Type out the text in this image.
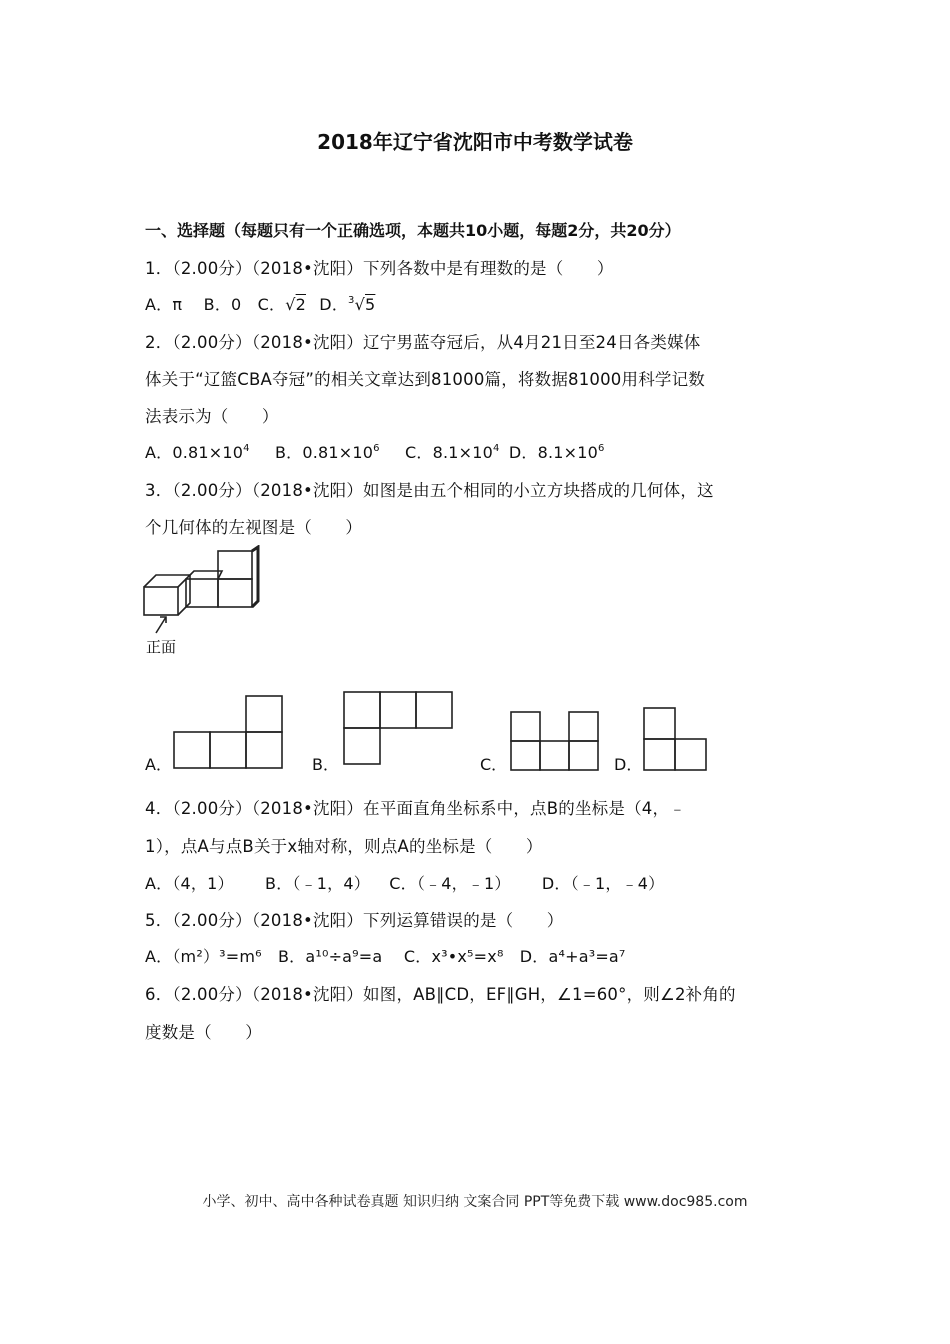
2018年辽宁省沈阳市中考数学试卷
一、选择题（每题只有一个正确选项，本题共10小题，每题2分，共20分）
1．（2.00分）（2018•沈阳）下列各数中是有理数的是（　　）
A．π　 B．0　C．√2 D．$^3$√5
2．（2.00分）（2018•沈阳）辽宁男蓝夺冠后，从4月21日至24日各类媒体
体关于“辽篮CBA夺冠”的相关文章达到81000篇，将数据81000用科学记数
法表示为（　　）
A．$0.81\times 10^4$ B．$0.81\times 10^6$ C．$8.1\times 10^4$ D．$8.1\times 10^6$
3．（2.00分）（2018•沈阳）如图是由五个相同的小立方块搭成的几何体，这
个几何体的左视图是（　　）
正面
A．	B．	C．	D．
4．（2.00分）（2018•沈阳）在平面直角坐标系中，点B的坐标是（4，﹣
1），点A与点B关于x轴对称，则点A的坐标是（　　）
A．（4，1） B．（﹣1，4） C．（﹣4，﹣1） D．（﹣1，﹣4）
5．（2.00分）（2018•沈阳）下列运算错误的是（　　）
A．（m²）³=m⁶　B．a¹⁰÷a⁹=a　 C．x³•x⁵=x⁸　D．a⁴+a³=a⁷
6．（2.00分）（2018•沈阳）如图，AB∥CD，EF∥GH，∠1=60°，则∠2补角的
度数是（　　）
小学、初中、高中各种试卷真题 知识归纳 文案合同 PPT等免费下载 www.doc985.com
